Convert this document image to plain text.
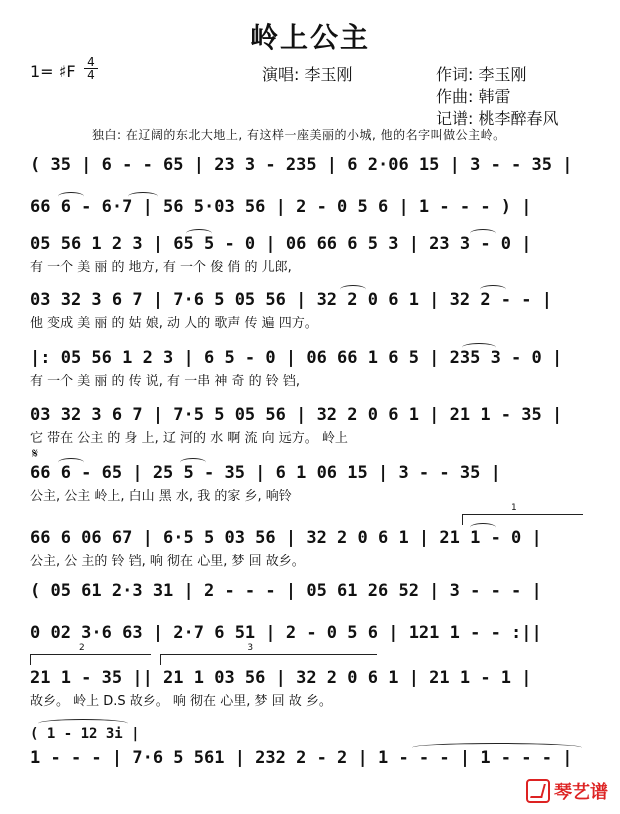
岭上公主
1= ♯F 4
4	演唱: 李玉刚	作词: 李玉刚
作曲: 韩雷
记谱: 桃李醉春风
独白: 在辽阔的东北大地上, 有这样一座美丽的小城, 他的名字叫做公主岭。
( 35 | 6 - - 65 | 23 3 - 235 | 6 2·06 15 | 3 - - 35 |
66 6 - 6·7 | 56 5·03 56 | 2 - 0 5 6 | 1 - - - ) |
05 56 1 2 3 | 65 5 - 0 | 06 66 6 5 3 | 23 3 - 0 |
有 一个 美 丽 的 地方, 有 一个 俊 俏 的 儿郎,
03 32 3 6 7 | 7·6 5 05 56 | 32 2 0 6 1 | 32 2 - - |
他 变成 美 丽 的 姑 娘, 动 人的 歌声 传 遍 四方。
|: 05 56 1 2 3 | 6 5 - 0 | 06 66 1 6 5 | 235 3 - 0 |
有 一个 美 丽 的 传 说, 有 一串 神 奇 的 铃 铛,
03 32 3 6 7 | 7·5 5 05 56 | 32 2 0 6 1 | 21 1 - 35 |
它 带在 公主 的 身 上, 辽 河的 水 啊 流 向 远方。 岭上
𝄋
66 6 - 65 | 25 5 - 35 | 6 1 06 15 | 3 - - 35 |
公主, 公主 岭上, 白山 黑 水, 我 的家 乡, 响铃
1
66 6 06 67 | 6·5 5 03 56 | 32 2 0 6 1 | 21 1 - 0 |
公主, 公 主的 铃 铛, 响 彻在 心里, 梦 回 故乡。
( 05 61 2·3 31 | 2 - - - | 05 61 26 52 | 3 - - - |
0 02 3·6 63 | 2·7 6 51 | 2 - 0 5 6 | 121 1 - - :||
2	3
21 1 - 35 || 21 1 03 56 | 32 2 0 6 1 | 21 1 - 1 |
故乡。 岭上 D.S 故乡。 响 彻在 心里, 梦 回 故 乡。
( 1 - 12 3i |
1 - - - | 7·6 5 561 | 232 2 - 2 | 1 - - - | 1 - - - |
琴艺谱
